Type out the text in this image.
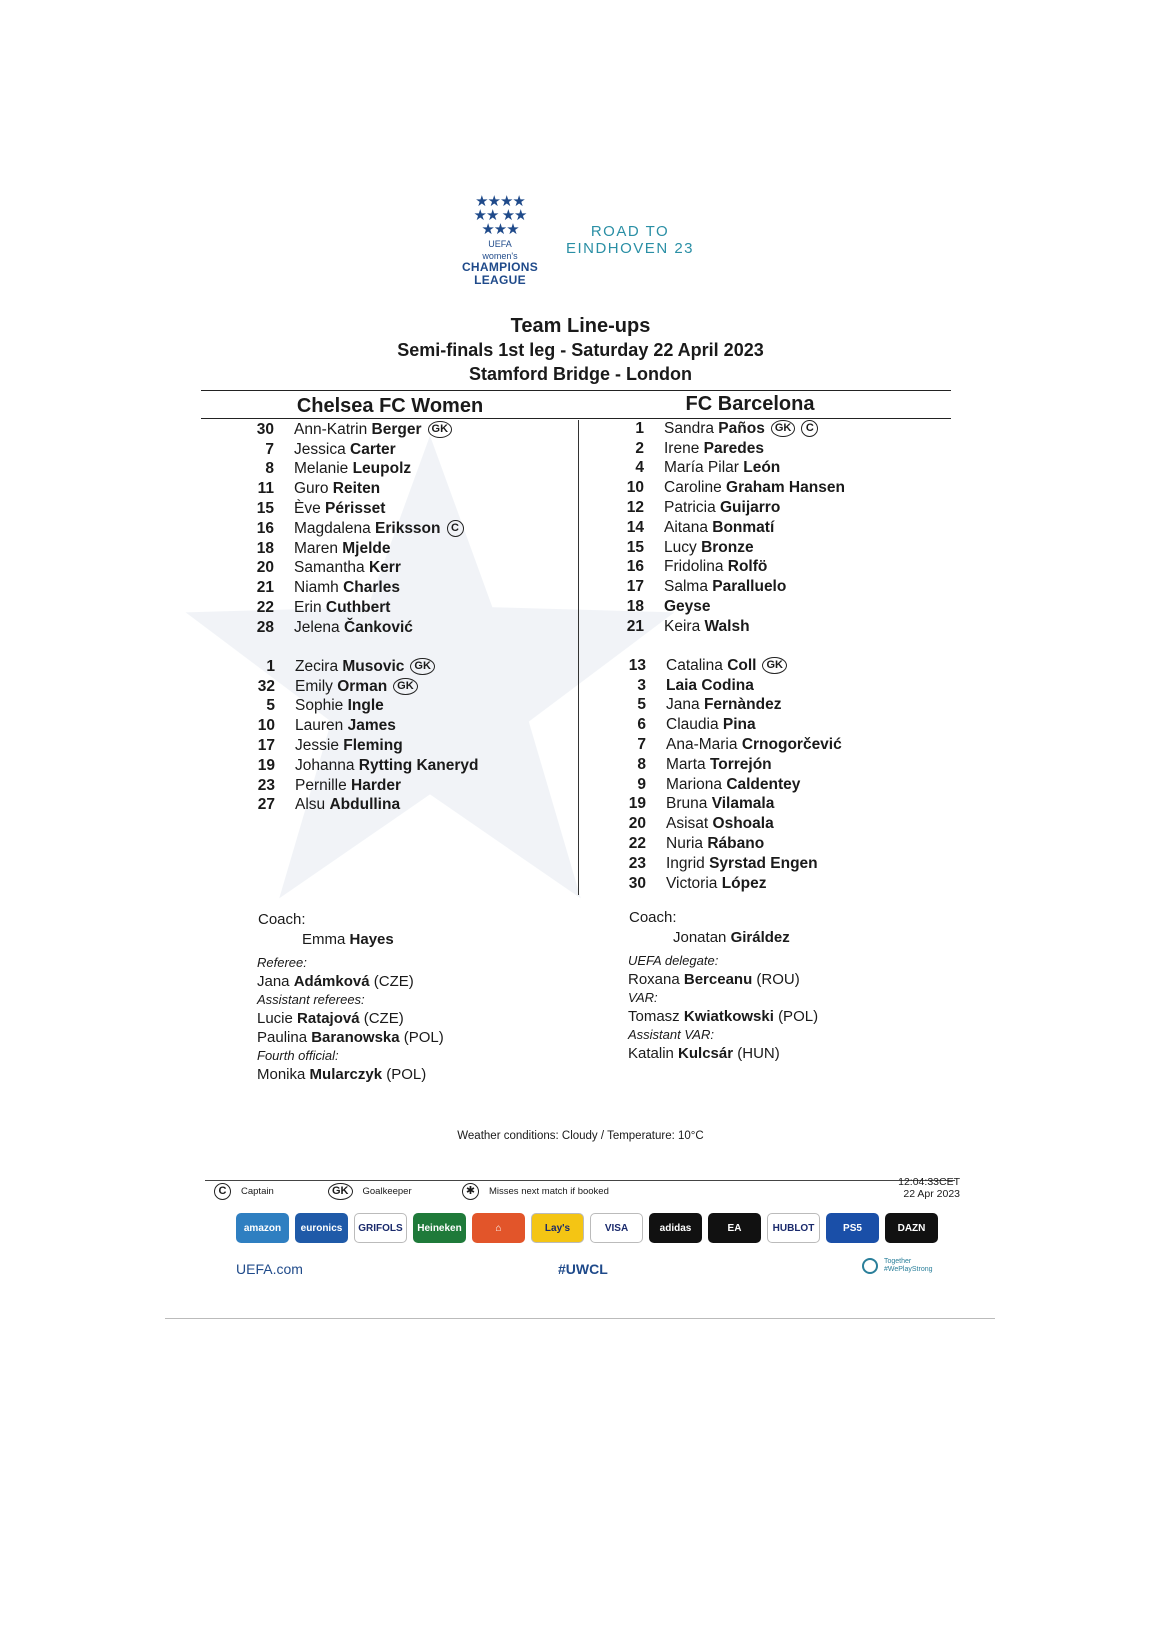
★★★★
★★ ★★
★★★
UEFA
women's
CHAMPIONS
LEAGUE
ROAD TO
EINDHOVEN 23
Team Line-ups
Semi-finals 1st leg - Saturday 22 April 2023
Stamford Bridge - London
Chelsea FC Women	FC Barcelona
30 Ann-Katrin Berger GK
7 Jessica Carter
8 Melanie Leupolz
11 Guro Reiten
15 Ève Périsset
16 Magdalena Eriksson C
18 Maren Mjelde
20 Samantha Kerr
21 Niamh Charles
22 Erin Cuthbert
28 Jelena Čanković
1 Zecira Musovic GK
32 Emily Orman GK
5 Sophie Ingle
10 Lauren James
17 Jessie Fleming
19 Johanna Rytting Kaneryd
23 Pernille Harder
27 Alsu Abdullina
1 Sandra Paños GK	C
2 Irene Paredes
4 María Pilar León
10 Caroline Graham Hansen
12 Patricia Guijarro
14 Aitana Bonmatí
15 Lucy Bronze
16 Fridolina Rolfö
17 Salma Paralluelo
18 Geyse
21 Keira Walsh
13 Catalina Coll GK
3 Laia Codina
5 Jana Fernàndez
6 Claudia Pina
7 Ana-Maria Crnogorčević
8 Marta Torrejón
9 Mariona Caldentey
19 Bruna Vilamala
20 Asisat Oshoala
22 Nuria Rábano
23 Ingrid Syrstad Engen
30 Victoria López
Coach:
Emma Hayes
Coach:
Jonatan Giráldez
Referee:
Jana Adámková (CZE)
Assistant referees:
Lucie Ratajová (CZE)
Paulina Baranowska (POL)
Fourth official:
Monika Mularczyk (POL)
UEFA delegate:
Roxana Berceanu (ROU)
VAR:
Tomasz Kwiatkowski (POL)
Assistant VAR:
Katalin Kulcsár (HUN)
Weather conditions: Cloudy / Temperature: 10°C
C	Captain	GK	Goalkeeper	✱	Misses next match if booked
12:04:33CET
22 Apr 2023
amazon	euronics	GRIFOLS	Heineken	⌂	Lay's	VISA	adidas	EA	HUBLOT	PS5	DAZN
UEFA.com	#UWCL	Together
#WePlayStrong
